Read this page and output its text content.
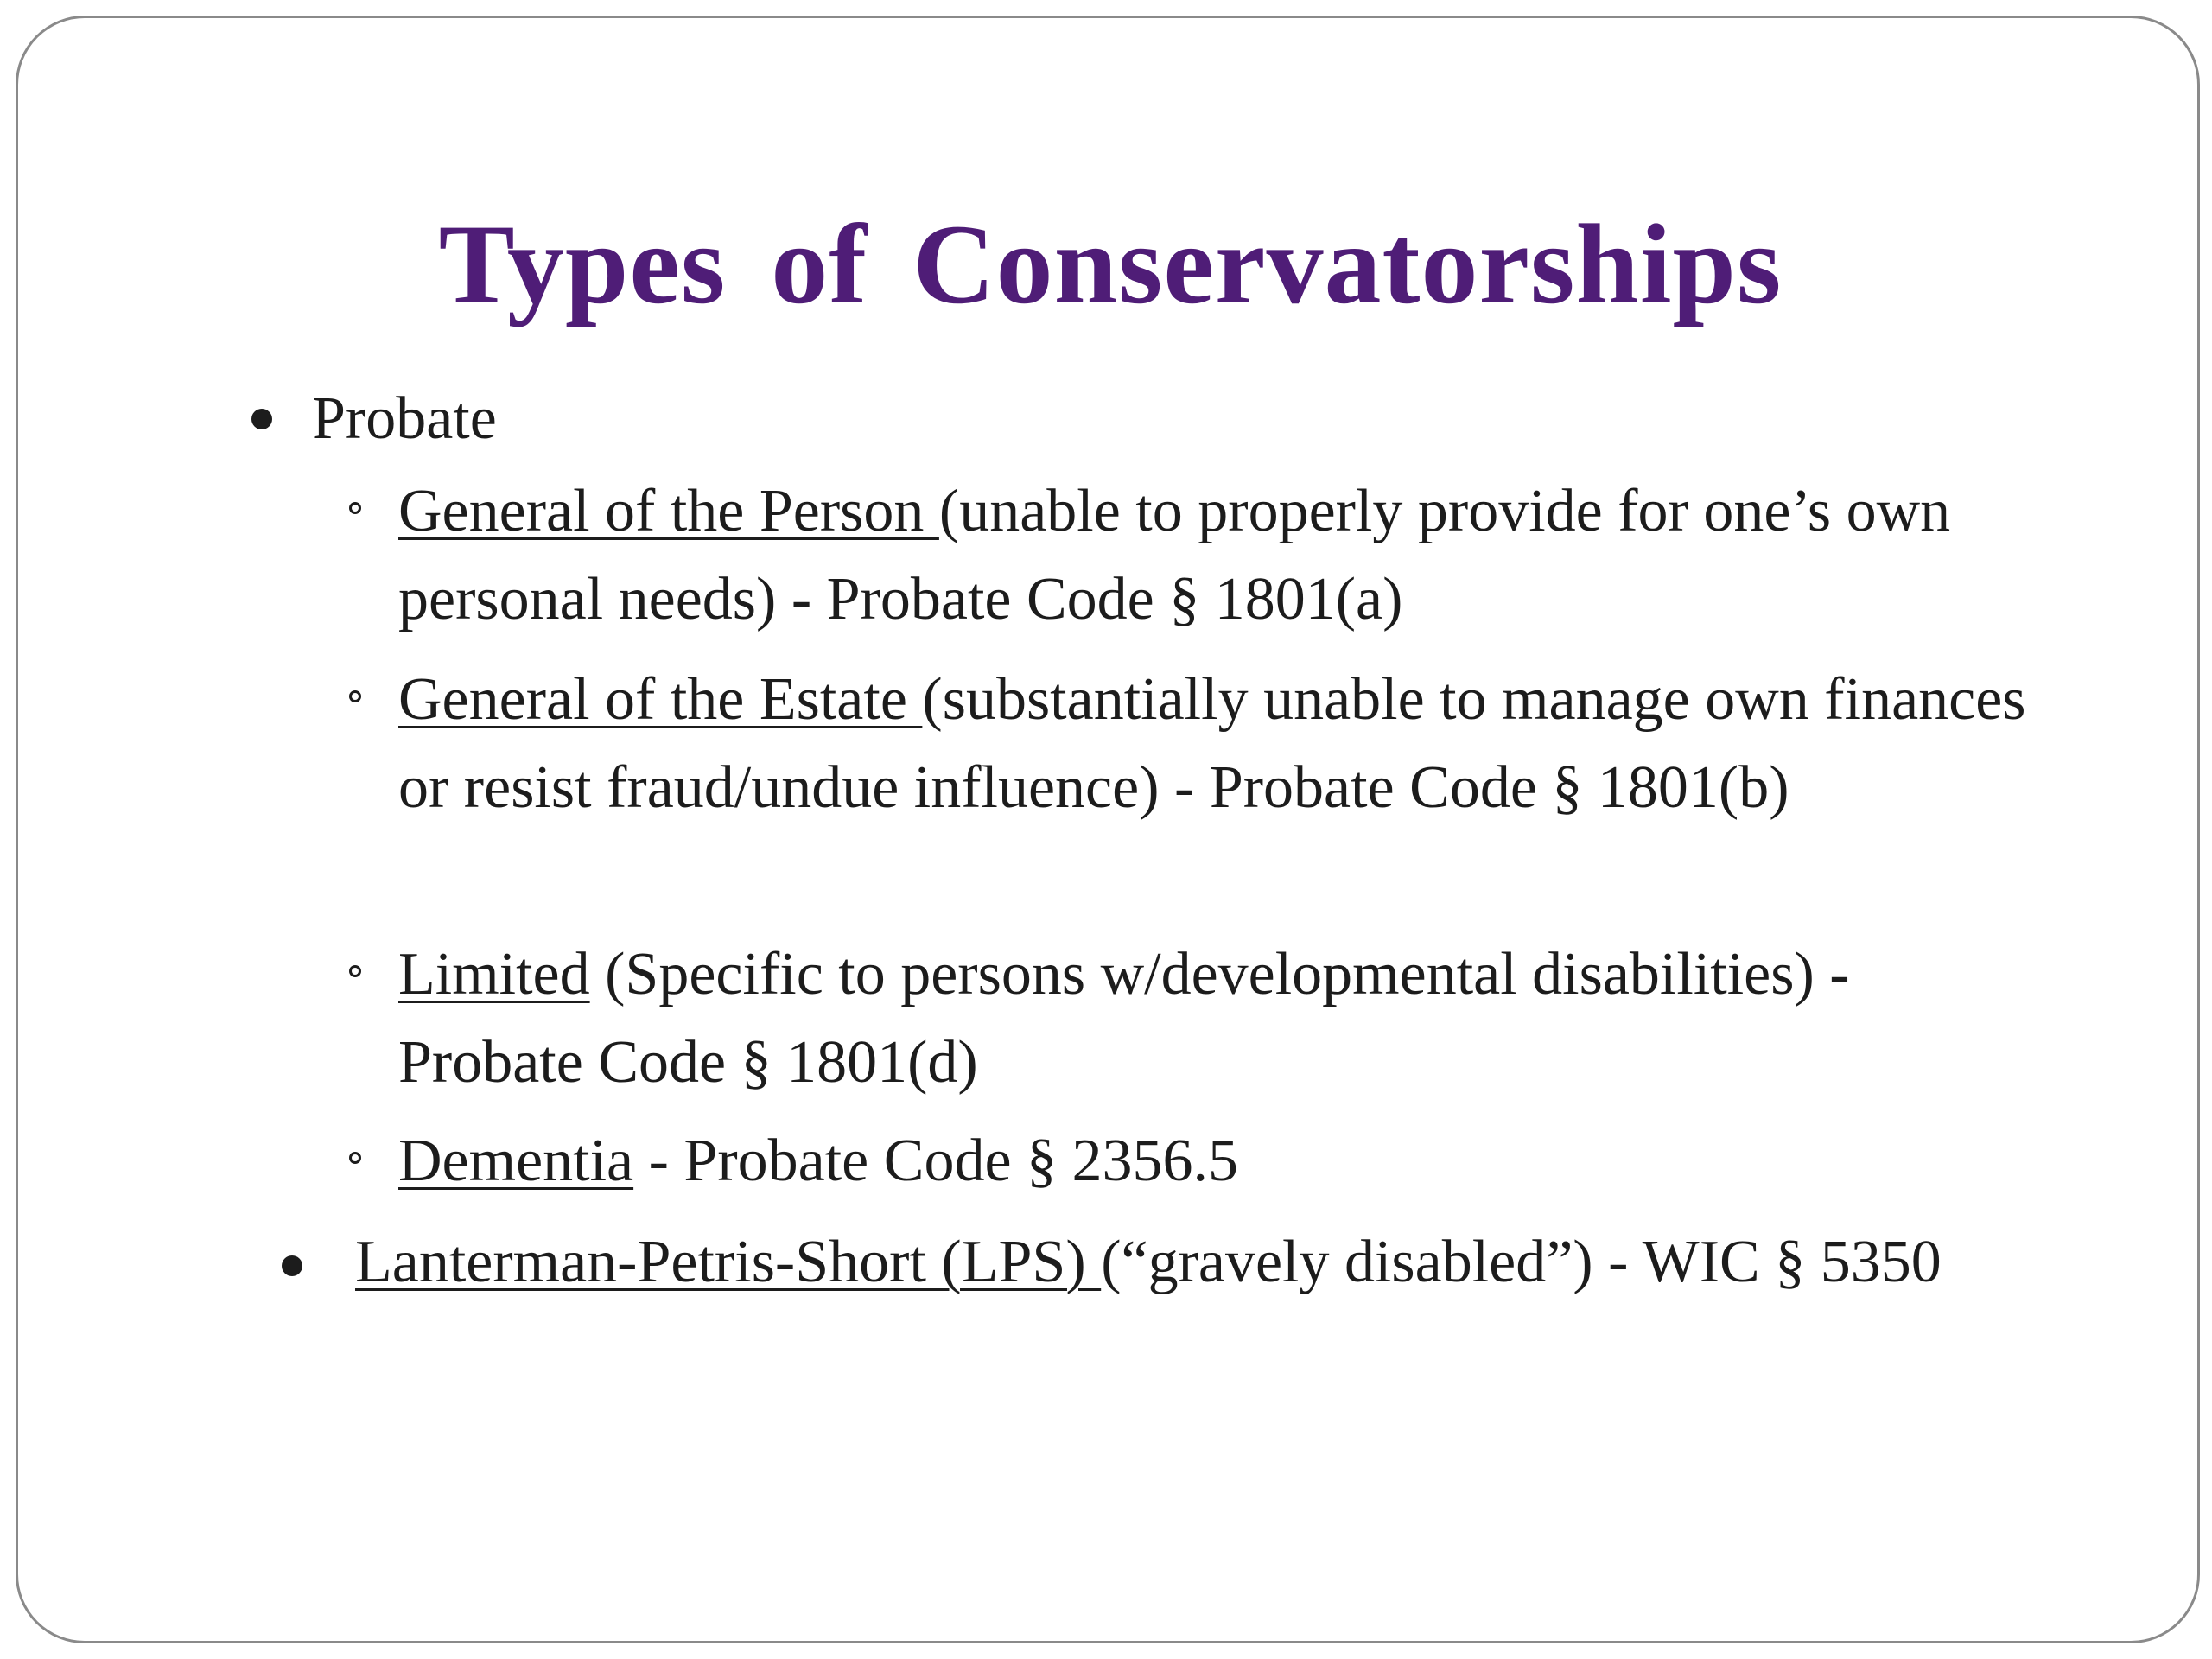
Types of Conservatorships
Probate
General of the Person (unable to properly provide for one’s own personal needs) - Probate Code § 1801(a)
General of the Estate (substantially unable to manage own finances or resist fraud/undue influence) - Probate Code § 1801(b)
Limited (Specific to persons w/developmental disabilities) - Probate Code § 1801(d)
Dementia - Probate Code § 2356.5
Lanterman-Petris-Short (LPS) (“gravely disabled”) - WIC § 5350
